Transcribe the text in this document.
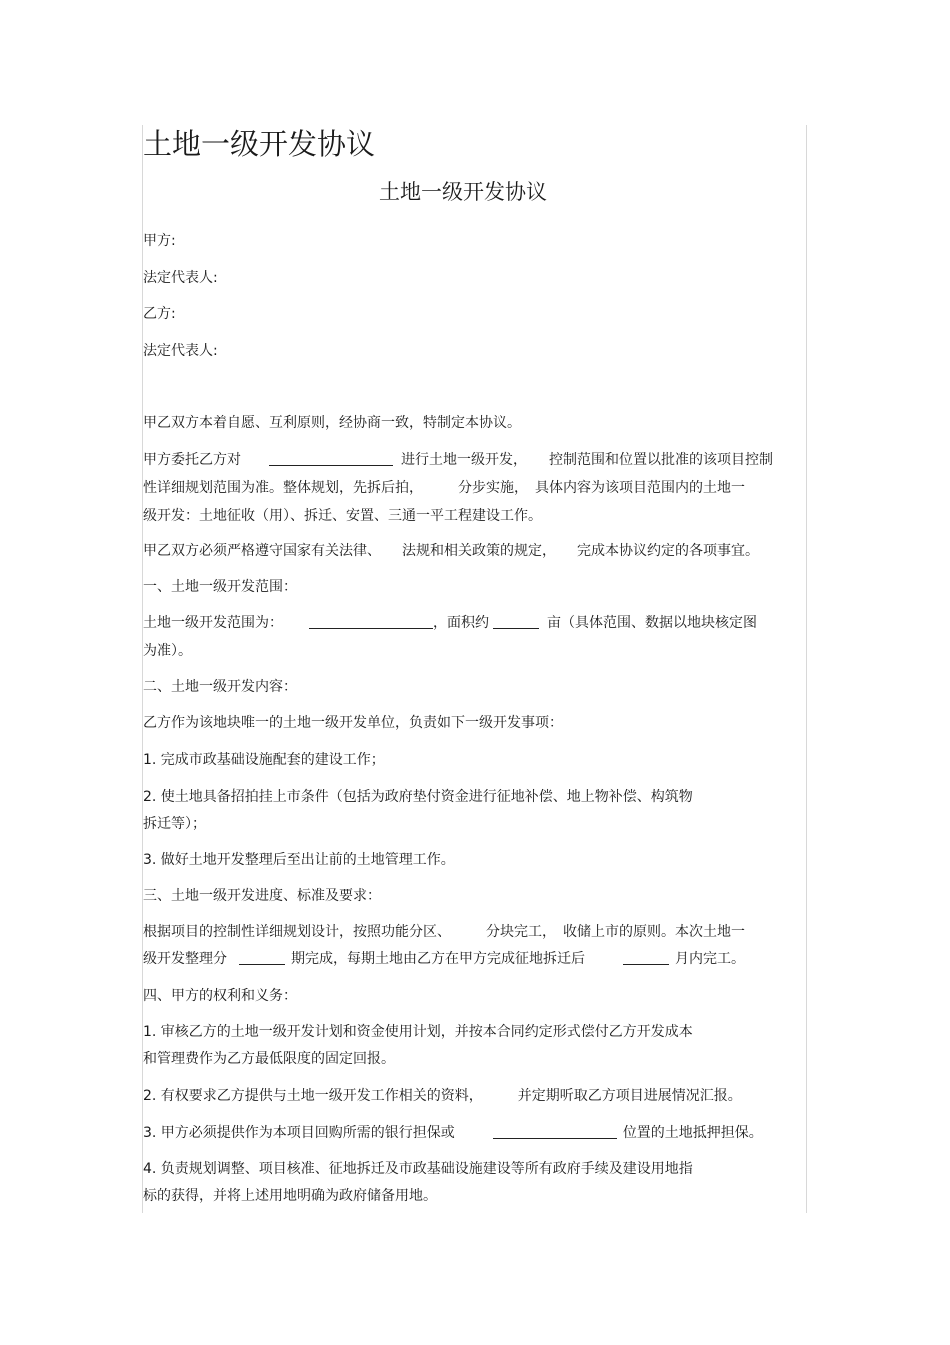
土地一级开发协议
土地一级开发协议
甲方:
法定代表人:
乙方:
法定代表人:
甲乙双方本着自愿、互利原则，经协商一致，特制定本协议。
甲方委托乙方对	进行土地一级开发， 控制范围和位置以批准的该项目控制
性详细规划范围为准。整体规划，先拆后拍，　　　分步实施，　具体内容为该项目范围内的土地一
级开发：土地征收（用）、拆迁、安置、三通一平工程建设工作。
甲乙双方必须严格遵守国家有关法律、　　法规和相关政策的规定，　　完成本协议约定的各项事宜。
一、土地一级开发范围：
土地一级开发范围为：	，面积约	亩（具体范围、数据以地块核定图
为准）。
二、土地一级开发内容：
乙方作为该地块唯一的土地一级开发单位，负责如下一级开发事项：
1. 完成市政基础设施配套的建设工作；
2. 使土地具备招拍挂上市条件（包括为政府垫付资金进行征地补偿、地上物补偿、构筑物
拆迁等）；
3. 做好土地开发整理后至出让前的土地管理工作。
三、土地一级开发进度、标准及要求：
根据项目的控制性详细规划设计，按照功能分区、　　　分块完工，　收储上市的原则。本次土地一
级开发整理分	期完成，每期土地由乙方在甲方完成征地拆迁后	月内完工。
四、甲方的权利和义务：
1. 审核乙方的土地一级开发计划和资金使用计划，并按本合同约定形式偿付乙方开发成本
和管理费作为乙方最低限度的固定回报。
2. 有权要求乙方提供与土地一级开发工作相关的资料，　　　并定期听取乙方项目进展情况汇报。
3. 甲方必须提供作为本项目回购所需的银行担保或	位置的土地抵押担保。
4. 负责规划调整、项目核准、征地拆迁及市政基础设施建设等所有政府手续及建设用地指
标的获得，并将上述用地明确为政府储备用地。
